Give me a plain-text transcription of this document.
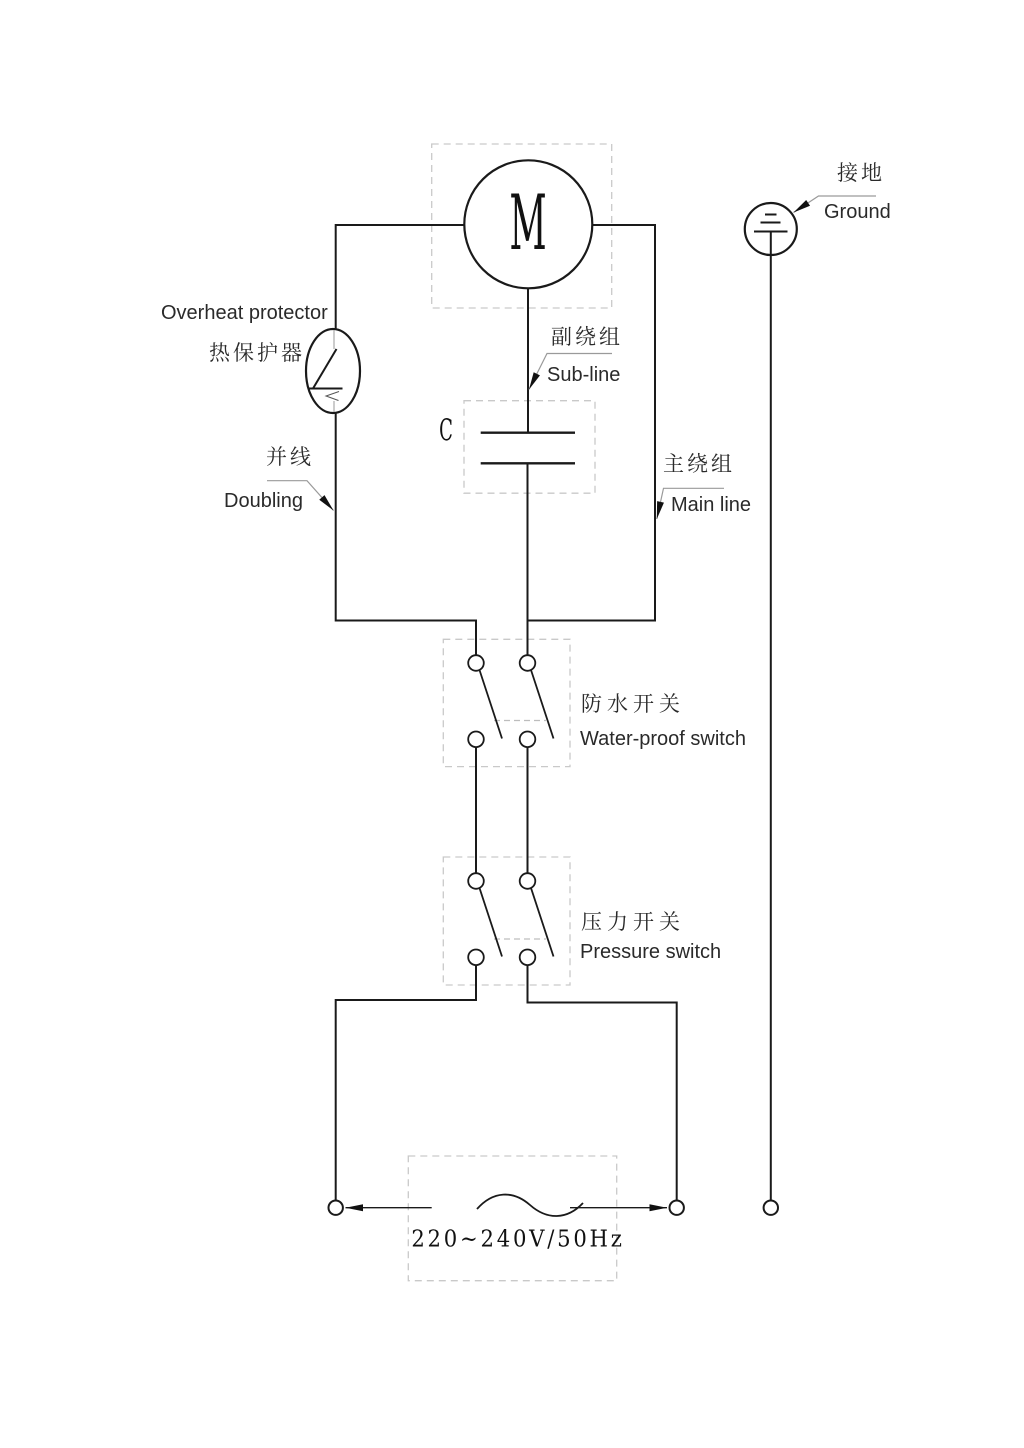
Overheat protector
热保护器
接地
Ground
副绕组
Sub-line
并线
Doubling
主绕组
Main line
防水开关
Water-proof switch
压力开关
Pressure switch
M
C
220~240V/50Hz
